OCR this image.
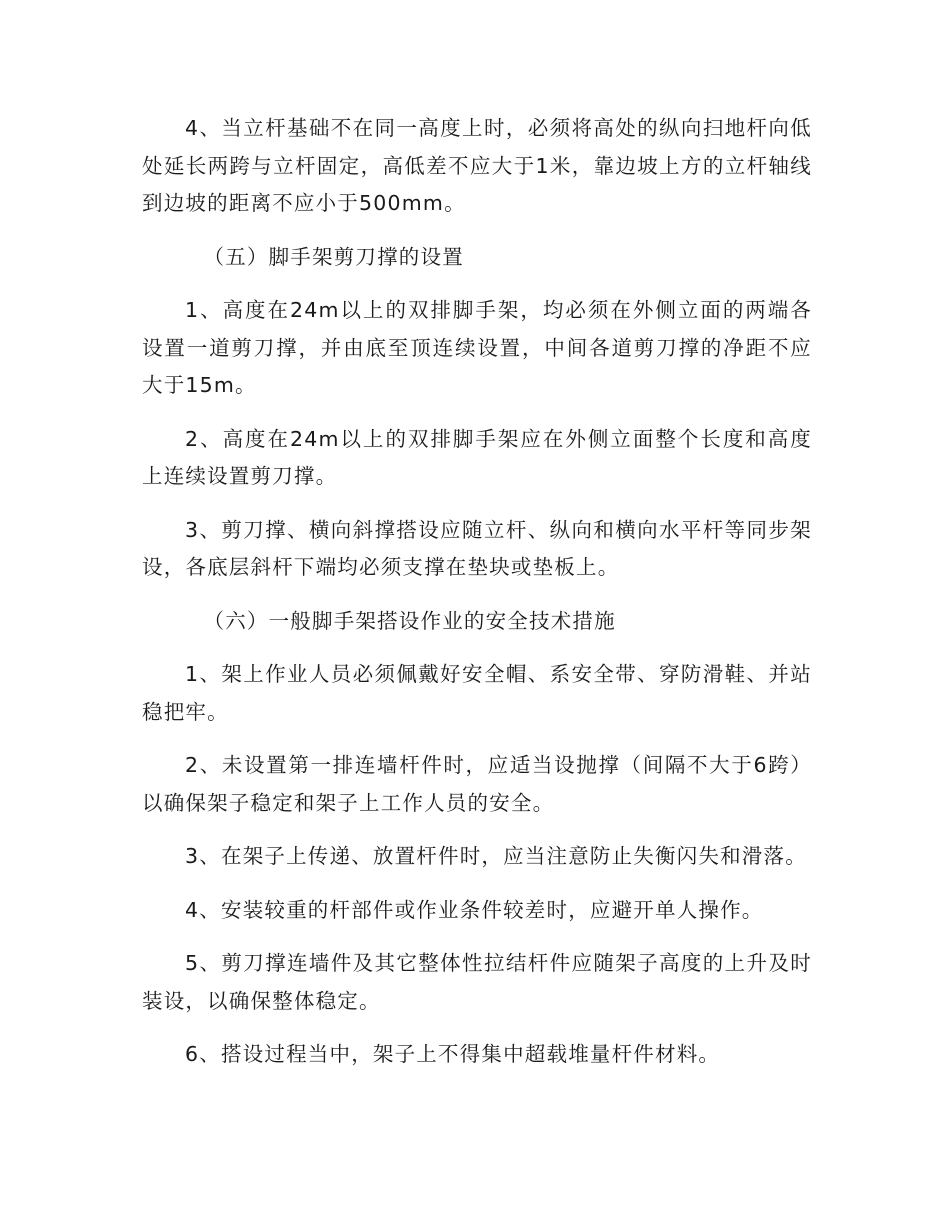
4、当立杆基础不在同一高度上时，必须将高处的纵向扫地杆向低处延长两跨与立杆固定，高低差不应大于1米，靠边坡上方的立杆轴线到边坡的距离不应小于500mm。

（五）脚手架剪刀撑的设置

1、高度在24m以上的双排脚手架，均必须在外侧立面的两端各设置一道剪刀撑，并由底至顶连续设置，中间各道剪刀撑的净距不应大于15m。

2、高度在24m以上的双排脚手架应在外侧立面整个长度和高度上连续设置剪刀撑。

3、剪刀撑、横向斜撑搭设应随立杆、纵向和横向水平杆等同步架设，各底层斜杆下端均必须支撑在垫块或垫板上。

（六）一般脚手架搭设作业的安全技术措施

1、架上作业人员必须佩戴好安全帽、系安全带、穿防滑鞋、并站稳把牢。

2、未设置第一排连墙杆件时，应适当设抛撑（间隔不大于6跨）以确保架子稳定和架子上工作人员的安全。

3、在架子上传递、放置杆件时，应当注意防止失衡闪失和滑落。

4、安装较重的杆部件或作业条件较差时，应避开单人操作。

5、剪刀撑连墙件及其它整体性拉结杆件应随架子高度的上升及时装设，以确保整体稳定。

6、搭设过程当中，架子上不得集中超载堆量杆件材料。
